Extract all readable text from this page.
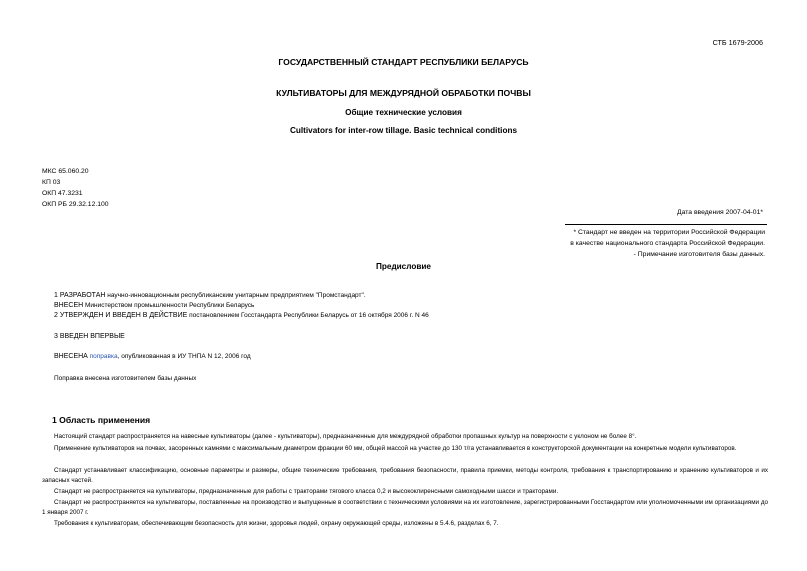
СТБ 1679-2006
ГОСУДАРСТВЕННЫЙ СТАНДАРТ РЕСПУБЛИКИ БЕЛАРУСЬ
КУЛЬТИВАТОРЫ ДЛЯ МЕЖДУРЯДНОЙ ОБРАБОТКИ ПОЧВЫ
Общие технические условия
Cultivators for inter-row tillage. Basic technical conditions
МКС 65.060.20
КП 03
ОКП 47.3231
ОКП РБ 29.32.12.100
Дата введения 2007-04-01*
* Стандарт не введен на территории Российской Федерации
в качестве национального стандарта Российской Федерации.
- Примечание изготовителя базы данных.
Предисловие
1 РАЗРАБОТАН научно-инновационным республиканским унитарным предприятием "Промстандарт".
ВНЕСЕН Министерством промышленности Республики Беларусь
2 УТВЕРЖДЕН И ВВЕДЕН В ДЕЙСТВИЕ постановлением Госстандарта Республики Беларусь от 16 октября 2006 г. N 46
3 ВВЕДЕН ВПЕРВЫЕ
ВНЕСЕНА поправка, опубликованная в ИУ ТНПА N 12, 2006 год
Поправка внесена изготовителем базы данных
1 Область применения
Настоящий стандарт распространяется на навесные культиваторы (далее - культиваторы), предназначенные для междурядной обработки пропашных культур на поверхности с уклоном не более 8°.
Применение культиваторов на почвах, засоренных камнями с максимальным диаметром фракции 60 мм, общей массой на участке до 130 т/га устанавливается в конструкторской документации на конкретные модели культиваторов.
Стандарт устанавливает классификацию, основные параметры и размеры, общие технические требования, требования безопасности, правила приемки, методы контроля, требования к транспортированию и хранению культиваторов и их запасных частей.
Стандарт не распространяется на культиваторы, предназначенные для работы с тракторами тягового класса 0,2 и высококлиренсными самоходными шасси и тракторами.
Стандарт не распространяется на культиваторы, поставленные на производство и выпущенные в соответствии с техническими условиями на их изготовление, зарегистрированными Госстандартом или уполномоченными им организациями до 1 января 2007 г.
Требования к культиваторам, обеспечивающим безопасность для жизни, здоровья людей, охрану окружающей среды, изложены в 5.4.6, разделах 6, 7.
